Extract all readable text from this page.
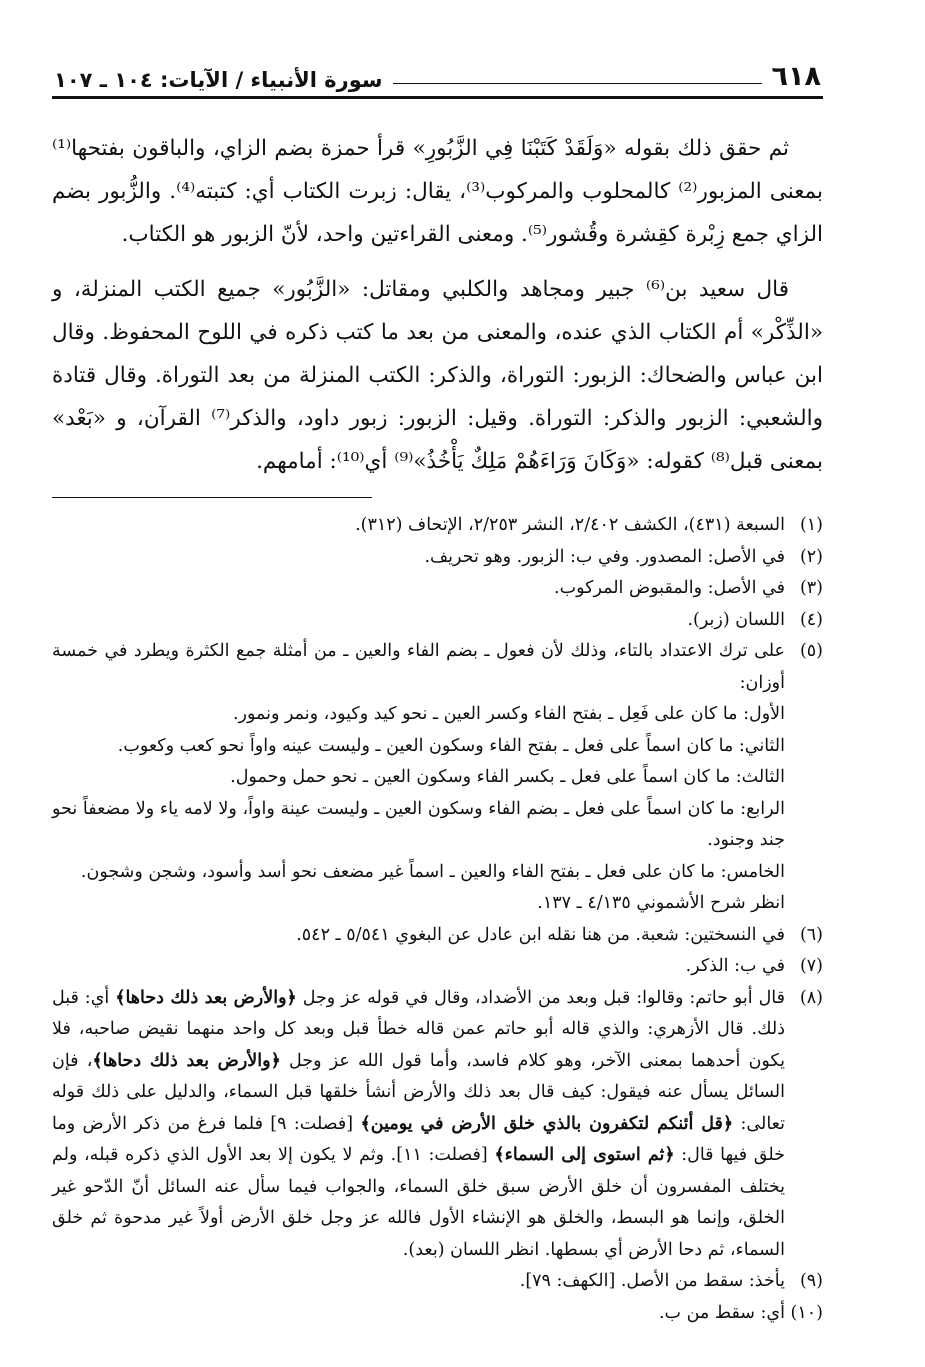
٦١٨
سورة الأنبياء / الآيات: ١٠٤ ـ ١٠٧

ثم حقق ذلك بقوله «وَلَقَدْ كَتَبْنَا فِي الزَّبُورِ» قرأ حمزة بضم الزاي، والباقون بفتحها⁽¹⁾ بمعنى المزبور⁽²⁾ كالمحلوب والمركوب⁽³⁾، يقال: زبرت الكتاب أي: كتبته⁽⁴⁾. والزُّبور بضم الزاي جمع زِبْرة كقِشرة وقُشور⁽⁵⁾. ومعنى القراءتين واحد، لأنّ الزبور هو الكتاب.

قال سعيد بن⁽⁶⁾ جبير ومجاهد والكلبي ومقاتل: «الزَّبُور» جميع الكتب المنزلة، و «الذِّكْر» أم الكتاب الذي عنده، والمعنى من بعد ما كتب ذكره في اللوح المحفوظ. وقال ابن عباس والضحاك: الزبور: التوراة، والذكر: الكتب المنزلة من بعد التوراة. وقال قتادة والشعبي: الزبور والذكر: التوراة. وقيل: الزبور: زبور داود، والذكر⁽⁷⁾ القرآن، و «بَعْد» بمعنى قبل⁽⁸⁾ كقوله: «وَكَانَ وَرَاءَهُمْ مَلِكٌ يَأْخُذُ»⁽⁹⁾ أي⁽¹⁰⁾: أمامهم.

(١)السبعة (٤٣١)، الكشف ٢/٤٠٢، النشر ٢/٢٥٣، الإتحاف (٣١٢).

(٢)في الأصل: المصدور. وفي ب: الزبور. وهو تحريف.

(٣)في الأصل: والمقبوض المركوب.

(٤)اللسان (زبر).

(٥)على ترك الاعتداد بالتاء، وذلك لأن فعول ـ بضم الفاء والعين ـ من أمثلة جمع الكثرة ويطرد في خمسة أوزان:

الأول: ما كان على فَعِل ـ بفتح الفاء وكسر العين ـ نحو كيد وكيود، ونمر ونمور.

الثاني: ما كان اسماً على فعل ـ بفتح الفاء وسكون العين ـ وليست عينه واواً نحو كعب وكعوب.

الثالث: ما كان اسماً على فعل ـ بكسر الفاء وسكون العين ـ نحو حمل وحمول.

الرابع: ما كان اسماً على فعل ـ بضم الفاء وسكون العين ـ وليست عينة واواً، ولا لامه ياء ولا مضعفاً نحو جند وجنود.

الخامس: ما كان على فعل ـ بفتح الفاء والعين ـ اسماً غير مضعف نحو أسد وأسود، وشجن وشجون.

انظر شرح الأشموني ٤/١٣٥ ـ ١٣٧.

(٦)في النسختين: شعبة. من هنا نقله ابن عادل عن البغوي ٥/٥٤١ ـ ٥٤٢.

(٧)في ب: الذكر.

(٨)قال أبو حاتم: وقالوا: قبل وبعد من الأضداد، وقال في قوله عز وجل ﴿والأرض بعد ذلك دحاها﴾ أي: قبل ذلك. قال الأزهري: والذي قاله أبو حاتم عمن قاله خطأ قبل وبعد كل واحد منهما نقيض صاحبه، فلا يكون أحدهما بمعنى الآخر، وهو كلام فاسد، وأما قول الله عز وجل ﴿والأرض بعد ذلك دحاها﴾، فإن السائل يسأل عنه فيقول: كيف قال بعد ذلك والأرض أنشأ خلقها قبل السماء، والدليل على ذلك قوله تعالى: ﴿قل أئنكم لتكفرون بالذي خلق الأرض في يومين﴾ [فصلت: ٩] فلما فرغ من ذكر الأرض وما خلق فيها قال: ﴿ثم استوى إلى السماء﴾ [فصلت: ١١]. وثم لا يكون إلا بعد الأول الذي ذكره قبله، ولم يختلف المفسرون أن خلق الأرض سبق خلق السماء، والجواب فيما سأل عنه السائل أنّ الدّحو غير الخلق، وإنما هو البسط، والخلق هو الإنشاء الأول فالله عز وجل خلق الأرض أولاً غير مدحوة ثم خلق السماء، ثم دحا الأرض أي بسطها. انظر اللسان (بعد).

(٩)يأخذ: سقط من الأصل. [الكهف: ٧٩].

(١٠)أي: سقط من ب.
